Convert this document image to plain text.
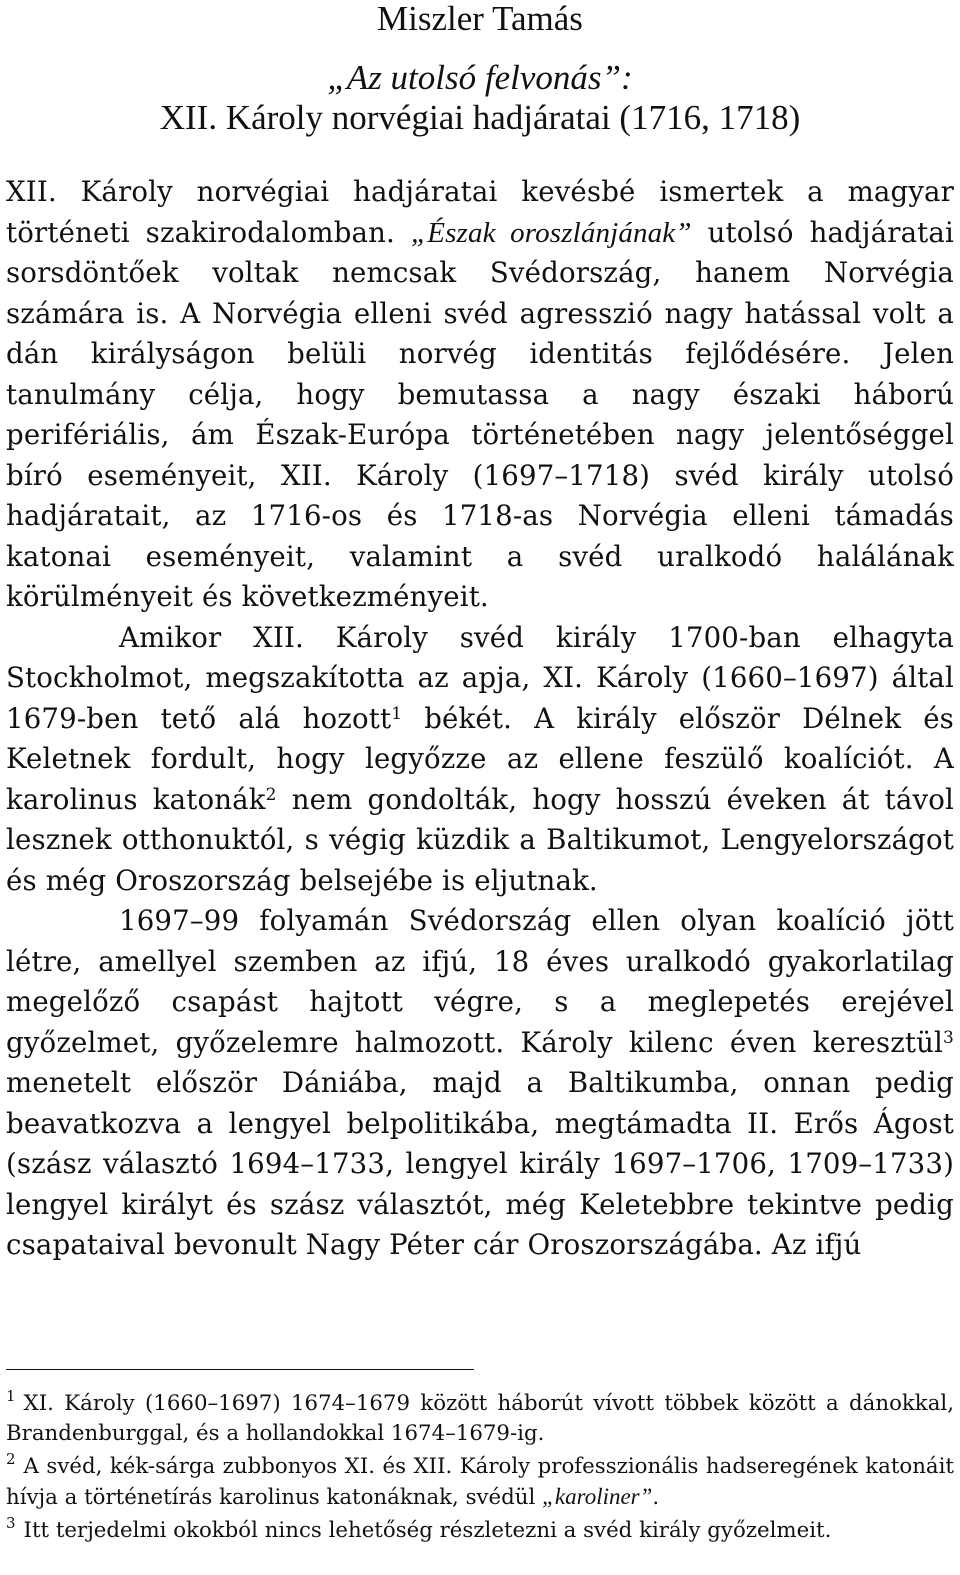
Miszler Tamás
„Az utolsó felvonás”:
XII. Károly norvégiai hadjáratai (1716, 1718)

XII. Károly norvégiai hadjáratai kevésbé ismertek a magyar történeti szakirodalomban. „Észak oroszlánjának” utolsó hadjáratai sorsdöntőek voltak nemcsak Svédország, hanem Norvégia számára is. A Norvégia elleni svéd agresszió nagy hatással volt a dán királyságon belüli norvég identitás fejlődésére. Jelen tanulmány célja, hogy bemutassa a nagy északi háború perifériális, ám Észak-Európa történetében nagy jelentőséggel bíró eseményeit, XII. Károly (1697–1718) svéd király utolsó hadjáratait, az 1716-os és 1718-as Norvégia elleni támadás katonai eseményeit, valamint a svéd uralkodó halálának körülményeit és következményeit.

Amikor XII. Károly svéd király 1700-ban elhagyta Stockholmot, megszakította az apja, XI. Károly (1660–1697) által 1679-ben tető alá hozott$^1$ békét. A király először Délnek és Keletnek fordult, hogy legyőzze az ellene feszülő koalíciót. A karolinus katonák$^2$ nem gondolták, hogy hosszú éveken át távol lesznek otthonuktól, s végig küzdik a Baltikumot, Lengyelországot és még Oroszország belsejébe is eljutnak.

1697–99 folyamán Svédország ellen olyan koalíció jött létre, amellyel szemben az ifjú, 18 éves uralkodó gyakorlatilag megelőző csapást hajtott végre, s a meglepetés erejével győzelmet, győzelemre halmozott. Károly kilenc éven keresztül$^3$ menetelt először Dániába, majd a Baltikumba, onnan pedig beavatkozva a lengyel belpolitikába, megtámadta II. Erős Ágost (szász választó 1694–1733, lengyel király 1697–1706, 1709–1733) lengyel királyt és szász választót, még Keletebbre tekintve pedig csapataival bevonult Nagy Péter cár Oroszországába. Az ifjú

$^1$ XI. Károly (1660–1697) 1674–1679 között háborút vívott többek között a dánokkal, Brandenburggal, és a hollandokkal 1674–1679-ig.

$^2$ A svéd, kék-sárga zubbonyos XI. és XII. Károly professzionális hadseregének katonáit hívja a történetírás karolinus katonáknak, svédül „karoliner”.

$^3$ Itt terjedelmi okokból nincs lehetőség részletezni a svéd király győzelmeit.
